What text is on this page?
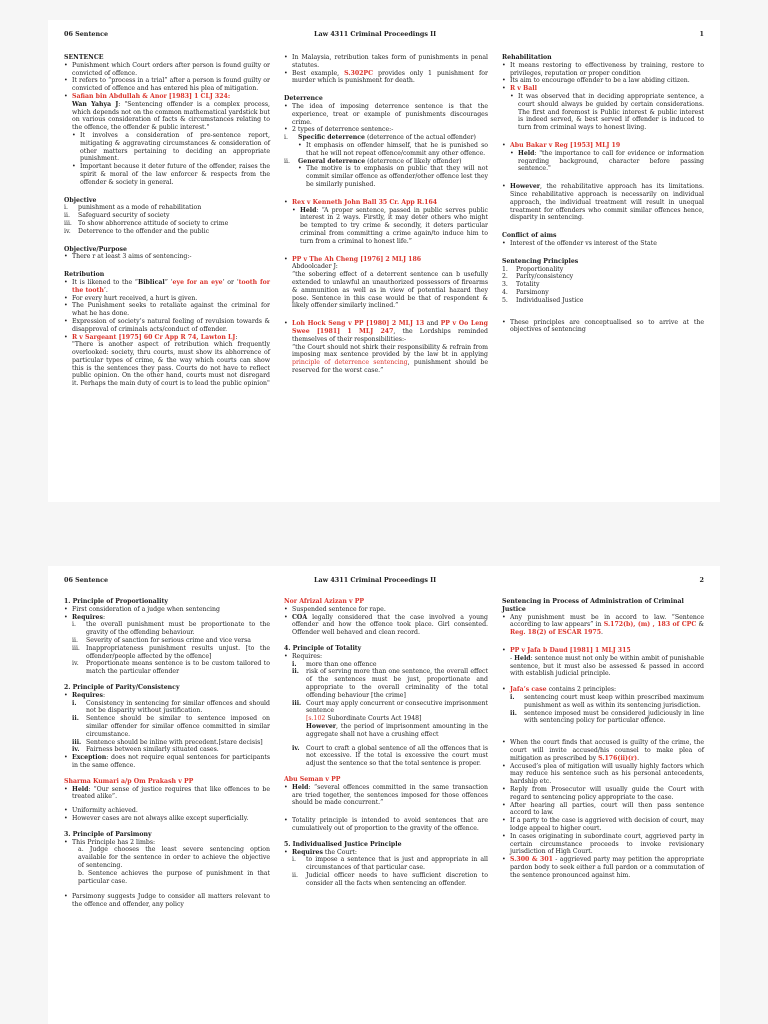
06 Sentence	Law 4311 Criminal Proceedings II	1
SENTENCE
• Punishment which Court orders after person is found guilty or convicted of offence.
• It refers to “process in a trial” after a person is found guilty or convicted of offence and has entered his plea of mitigation.
• Safian bin Abdullah & Anor [1983] 1 CLJ 324:
Wan Yahya J: "Sentencing offender is a complex process, which depends not on the common mathematical yardstick but on various consideration of facts & circumstances relating to the offence, the offender & public interest."
• It involves a consideration of pre-sentence report, mitigating & aggravating circumstances & consideration of other matters pertaining to deciding an appropriate punishment.
• Important because it deter future of the offender, raises the spirit & moral of the law enforcer & respects from the offender & society in general.
Objective
i. punishment as a mode of rehabilitation
ii. Safeguard security of society
iii. To show abhorrence attitude of society to crime
iv. Deterrence to the offender and the public
Objective/Purpose
• There r at least 3 aims of sentencing:-
Retribution
• It is likened to the “Biblical” ‘eye for an eye’ or ‘tooth for the tooth’.
• For every hurt received, a hurt is given.
• The Punishment seeks to retaliate against the criminal for what he has done.
• Expression of society’s natural feeling of revulsion towards & disapproval of criminals acts/conduct of offender.
• R v Sargeant [1975] 60 Cr App R 74, Lawton LJ:
"There is another aspect of retribution which frequently overlooked: society, thru courts, must show its abhorrence of particular types of crime, & the way which courts can show this is the sentences they pass. Courts do not have to reflect public opinion. On the other hand, courts must not disregard it. Perhaps the main duty of court is to lead the public opinion"
• In Malaysia, retribution takes form of punishments in penal statutes.
• Best example, S.302PC provides only 1 punishment for murder which is punishment for death.
Deterrence
• The idea of imposing deterrence sentence is that the experience, treat or example of punishments discourages crime.
• 2 types of deterrence sentence:-
i. Specific deterrence (deterrence of the actual offender)
• It emphasis on offender himself, that he is punished so that he will not repeat offence/commit any other offence.
ii. General deterrence (deterrence of likely offender)
• The motive is to emphasis on public that they will not commit similar offence as offender/other offence lest they be similarly punished.
• Rex v Kenneth John Ball 35 Cr. App R.164
• Held: “A proper sentence, passed in public serves public interest in 2 ways. Firstly, it may deter others who might be tempted to try crime & secondly, it deters particular criminal from committing a crime again/to induce him to turn from a criminal to honest life.”
• PP v The Ah Cheng [1976] 2 MLJ 186
Abdoolcader J:
“the sobering effect of a deterrent sentence can b usefully extended to unlawful an unauthorized possessors of firearms & ammunition as well as in view of potential hazard they pose. Sentence in this case would be that of respondent & likely offender similarly inclined.”
• Loh Hock Seng v PP [1980] 2 MLJ 13 and PP v Oo Leng Swee [1981] 1 MLJ 247, the Lordships reminded themselves of their responsibilities:-
“the Court should not shirk their responsibility & refrain from imposing max sentence provided by the law bt in applying principle of deterrence sentencing, punishment should be reserved for the worst case.”
Rehabilitation
• It means restoring to effectiveness by training, restore to privileges, reputation or proper condition
• Its aim to encourage offender to be a law abiding citizen.
• R v Ball
• It was observed that in deciding appropriate sentence, a court should always be guided by certain considerations. The first and foremost is Public interest & public interest is indeed served, & best served if offender is induced to turn from criminal ways to honest living.
• Abu Bakar v Reg [1953] MLJ 19
• Held: "the importance to call for evidence or information regarding background, character before passing sentence."
• However, the rehabilitative approach has its limitations. Since rehabilitative approach is necessarily on individual approach, the individual treatment will result in unequal treatment for offenders who commit similar offences hence, disparity in sentencing.
Conflict of aims
• Interest of the offender vs interest of the State
Sentencing Principles
1. Proportionality
2. Parity/consistency
3. Totality
4. Parsimony
5. Individualised Justice
• These principles are conceptualised so to arrive at the objectives of sentencing
06 Sentence	Law 4311 Criminal Proceedings II	2
1. Principle of Proportionality
• First consideration of a judge when sentencing
• Requires:
i. the overall punishment must be proportionate to the gravity of the offending behaviour.
ii. Severity of sanction for serious crime and vice versa
iii. Inappropriateness punishment results unjust. [to the offender/people affected by the offence]
iv. Proportionate means sentence is to be custom tailored to match the particular offender
2. Principle of Parity/Consistency
• Requires:
i. Consistency in sentencing for similar offences and should not be disparity without justification.
ii. Sentence should be similar to sentence imposed on similar offender for similar offence committed in similar circumstance.
iii. Sentence should be inline with precedent.[stare decisis]
iv. Fairness between similarly situated cases.
• Exception: does not require equal sentences for participants in the same offence.
Sharma Kumari a/p Om Prakash v PP
• Held: “Our sense of justice requires that like offences to be treated alike”.
• Uniformity achieved.
• However cases are not always alike except superficially.
3. Principle of Parsimony
• This Principle has 2 limbs:
a. Judge chooses the least severe sentencing option available for the sentence in order to achieve the objective of sentencing.
b. Sentence achieves the purpose of punishment in that particular case.
• Parsimony suggests Judge to consider all matters relevant to the offence and offender, any policy
Nor Afrizal Azizan v PP
• Suspended sentence for rape.
• COA legally considered that the case involved a young offender and how the offence took place. Girl consented. Offender well behaved and clean record.
4. Principle of Totality
• Requires:
i. more than one offence
ii. risk of serving more than one sentence, the overall effect of the sentences must be just, proportionate and appropriate to the overall criminality of the total offending behaviour [the crime]
iii. Court may apply concurrent or consecutive imprisonment sentence
[s.102 Subordinate Courts Act 1948]
However, the period of imprisonment amounting in the aggregate shall not have a crushing effect
iv. Court to craft a global sentence of all the offences that is not excessive. If the total is excessive the court must adjust the sentence so that the total sentence is proper.
Abu Seman v PP
• Held: “several offences committed in the same transaction are tried together, the sentences imposed for those offences should be made concurrent.”
• Totality principle is intended to avoid sentences that are cumulatively out of proportion to the gravity of the offence.
5. Individualised Justice Principle
• Requires the Court:
i. to impose a sentence that is just and appropriate in all circumstances of that particular case.
ii. Judicial officer needs to have sufficient discretion to consider all the facts when sentencing an offender.
Sentencing in Process of Administration of Criminal Justice
• Any punishment must be in accord to law. “Sentence according to law appears” in S.172(b), (m) , 183 of CPC & Reg. 18(2) of ESCAR 1975.
• PP v Jafa b Daud [1981] 1 MLJ 315
- Held: sentence must not only be within ambit of punishable sentence, but it must also be assessed & passed in accord with establish judicial principle.
• Jafa’s case contains 2 principles:
i. sentencing court must keep within prescribed maximum punishment as well as within its sentencing jurisdiction.
ii. sentence imposed must be considered judiciously in line with sentencing policy for particular offence.
• When the court finds that accused is guilty of the crime, the court will invite accused/his counsel to make plea of mitigation as prescribed by S.176(ii)(r).
• Accused’s plea of mitigation will usually highly factors which may reduce his sentence such as his personal antecedents, hardship etc.
• Reply from Prosecutor will usually guide the Court with regard to sentencing policy appropriate to the case.
• After hearing all parties, court will then pass sentence accord to law.
• If a party to the case is aggrieved with decision of court, may lodge appeal to higher court.
• In cases originating in subordinate court, aggrieved party in certain circumstance proceeds to invoke revisionary jurisdiction of High Court.
• S.300 & 301 - aggrieved party may petition the appropriate pardon body to seek either a full pardon or a commutation of the sentence pronounced against him.
